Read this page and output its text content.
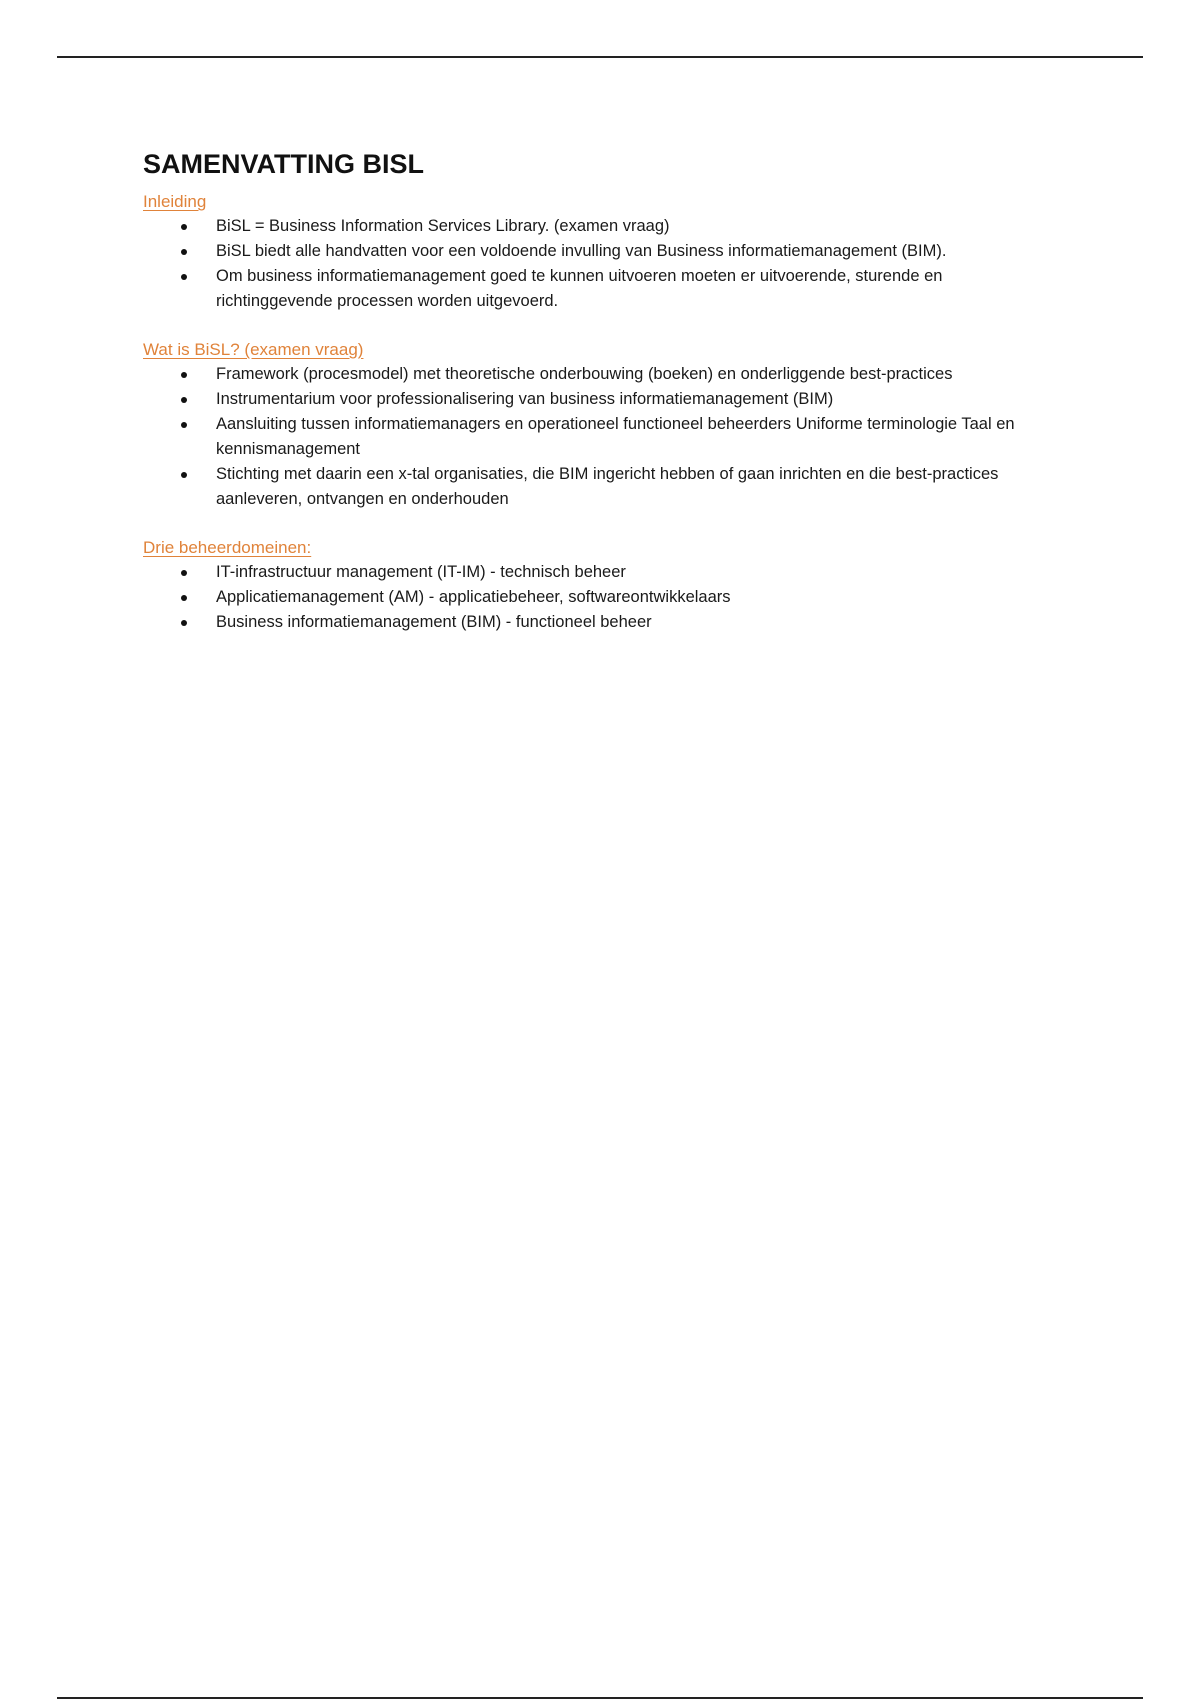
SAMENVATTING BISL
Inleiding
BiSL = Business Information Services Library. (examen vraag)
BiSL biedt alle handvatten voor een voldoende invulling van Business informatiemanagement (BIM).
Om business informatiemanagement goed te kunnen uitvoeren moeten er uitvoerende, sturende en richtinggevende processen worden uitgevoerd.
Wat is BiSL? (examen vraag)
Framework (procesmodel) met theoretische onderbouwing (boeken) en onderliggende best-practices
Instrumentarium voor professionalisering van business informatiemanagement (BIM)
Aansluiting tussen informatiemanagers en operationeel functioneel beheerders Uniforme terminologie Taal en kennismanagement
Stichting met daarin een x-tal organisaties, die BIM ingericht hebben of gaan inrichten en die best-practices aanleveren, ontvangen en onderhouden
Drie beheerdomeinen:
IT-infrastructuur management (IT-IM) - technisch beheer
Applicatiemanagement (AM) - applicatiebeheer, softwareontwikkelaars
Business informatiemanagement (BIM) - functioneel beheer
